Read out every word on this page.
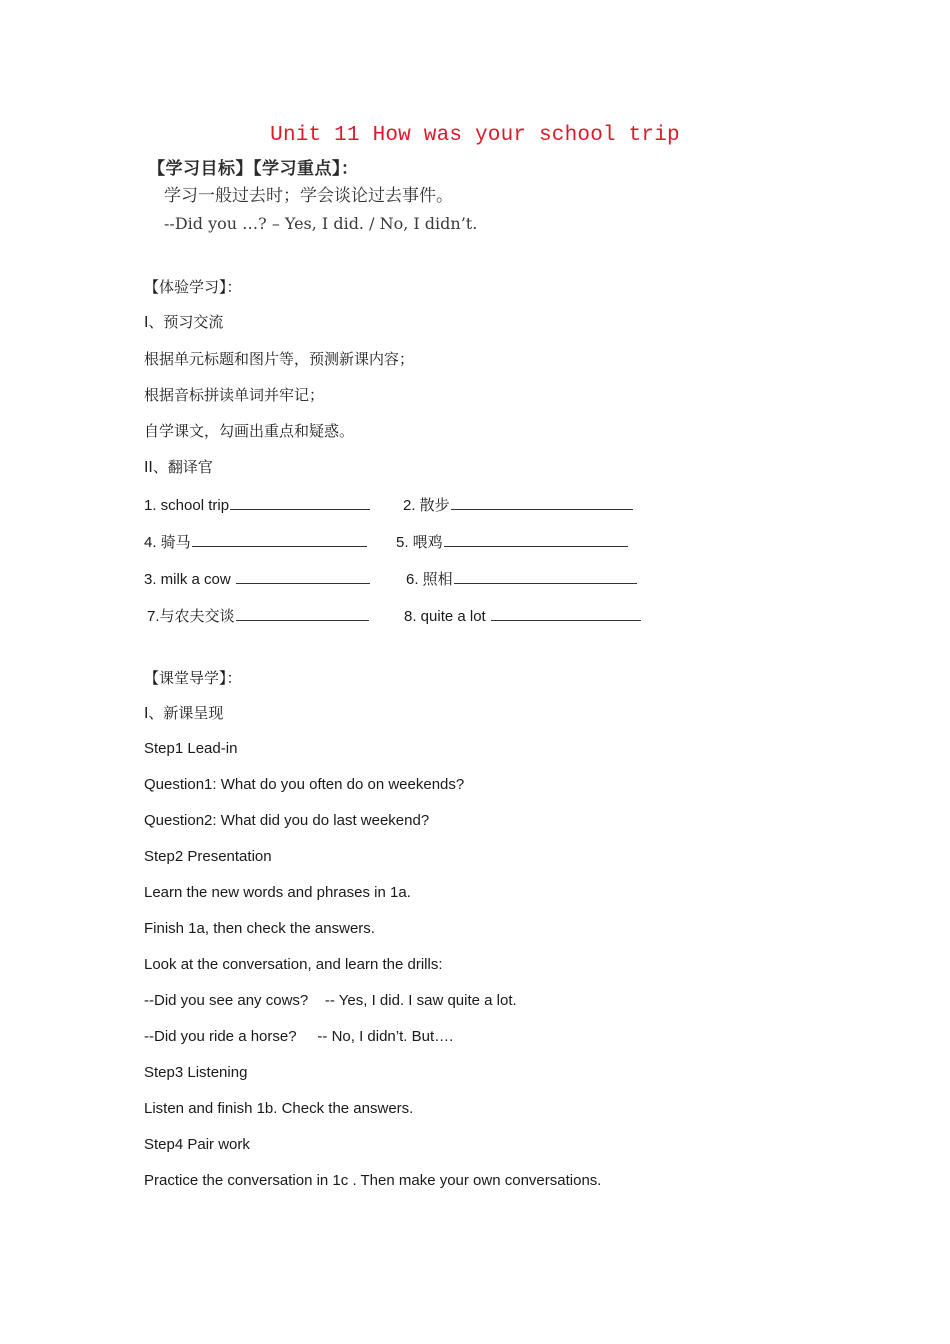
Unit 11 How was your school trip
【学习目标】【学习重点】：
学习一般过去时；学会谈论过去事件。
--Did you …? – Yes, I did. / No, I didn’t.
【体验学习】：
I、预习交流
根据单元标题和图片等，预测新课内容；
根据音标拼读单词并牢记；
自学课文，勾画出重点和疑惑。
II、翻译官
1. school trip	2. 散步
4. 骑马	5. 喂鸡
3. milk a cow	6. 照相
7.与农夫交谈	8. quite a lot
【课堂导学】：
I、新课呈现
Step1 Lead-in
Question1: What do you often do on weekends?
Question2: What did you do last weekend?
Step2 Presentation
Learn the new words and phrases in 1a.
Finish 1a, then check the answers.
Look at the conversation, and learn the drills:
--Did you see any cows?    -- Yes, I did. I saw quite a lot.
--Did you ride a horse?     -- No, I didn’t. But….
Step3 Listening
Listen and finish 1b. Check the answers.
Step4 Pair work
Practice the conversation in 1c . Then make your own conversations.
